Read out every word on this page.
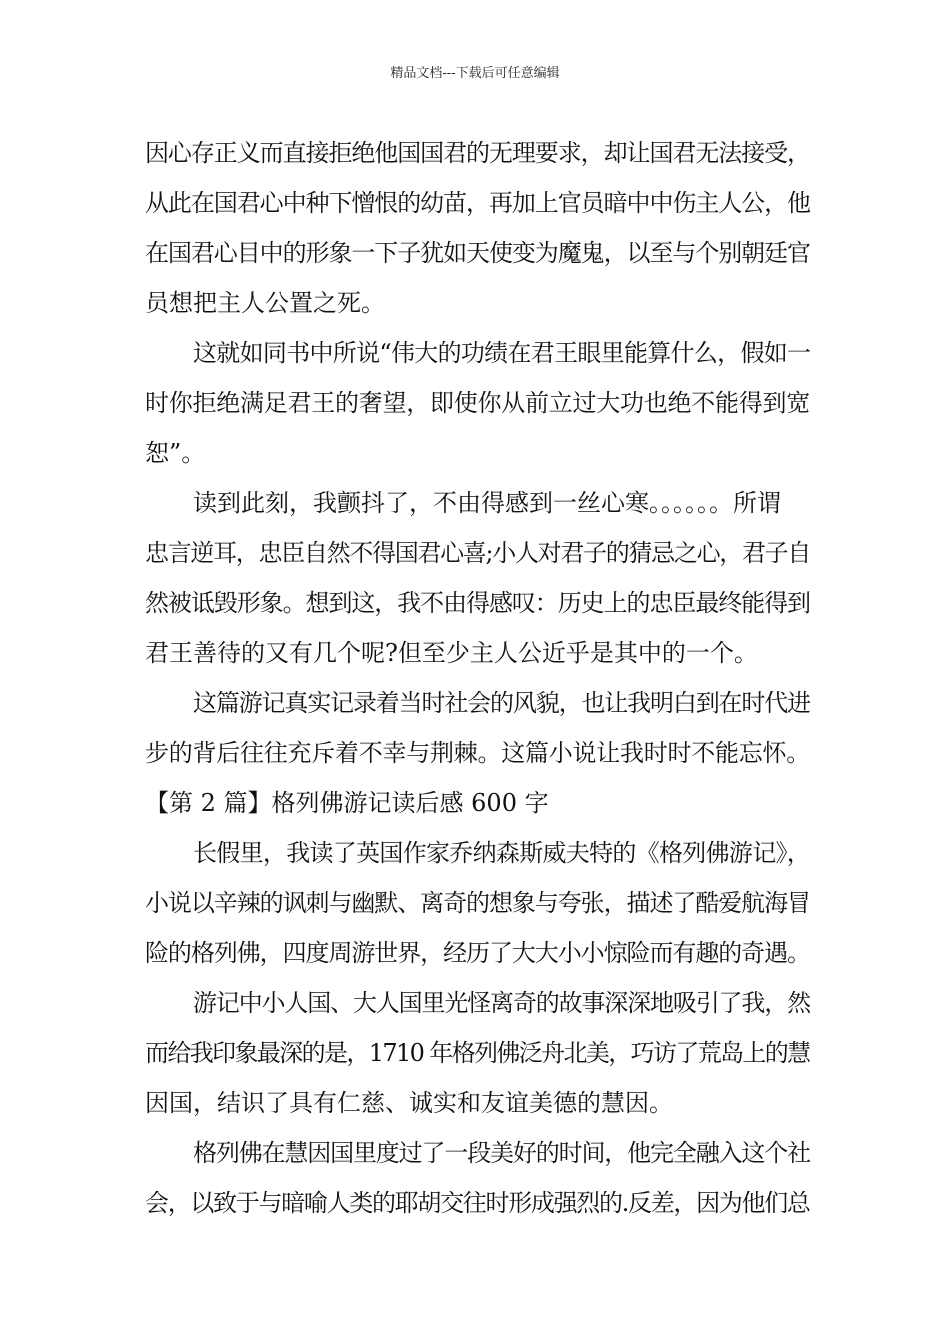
精品文档---下载后可任意编辑
因心存正义而直接拒绝他国国君的无理要求，却让国君无法接受，
从此在国君心中种下憎恨的幼苗，再加上官员暗中中伤主人公，他
在国君心目中的形象一下子犹如天使变为魔鬼，以至与个别朝廷官
员想把主人公置之死。
这就如同书中所说“伟大的功绩在君王眼里能算什么，假如一
时你拒绝满足君王的奢望，即使你从前立过大功也绝不能得到宽
恕”。
读到此刻，我颤抖了，不由得感到一丝心寒。。。。。。所谓
忠言逆耳，忠臣自然不得国君心喜;小人对君子的猜忌之心，君子自
然被诋毁形象。想到这，我不由得感叹：历史上的忠臣最终能得到
君王善待的又有几个呢?但至少主人公近乎是其中的一个。
这篇游记真实记录着当时社会的风貌，也让我明白到在时代进
步的背后往往充斥着不幸与荆棘。这篇小说让我时时不能忘怀。
【第 2 篇】格列佛游记读后感 600 字
长假里，我读了英国作家乔纳森斯威夫特的《格列佛游记》，
小说以辛辣的讽刺与幽默、离奇的想象与夸张，描述了酷爱航海冒
险的格列佛，四度周游世界，经历了大大小小惊险而有趣的奇遇。
游记中小人国、大人国里光怪离奇的故事深深地吸引了我，然
而给我印象最深的是，1710 年格列佛泛舟北美，巧访了荒岛上的慧
因国，结识了具有仁慈、诚实和友谊美德的慧因。
格列佛在慧因国里度过了一段美好的时间，他完全融入这个社
会，以致于与暗喻人类的耶胡交往时形成强烈的.反差，因为他们总
